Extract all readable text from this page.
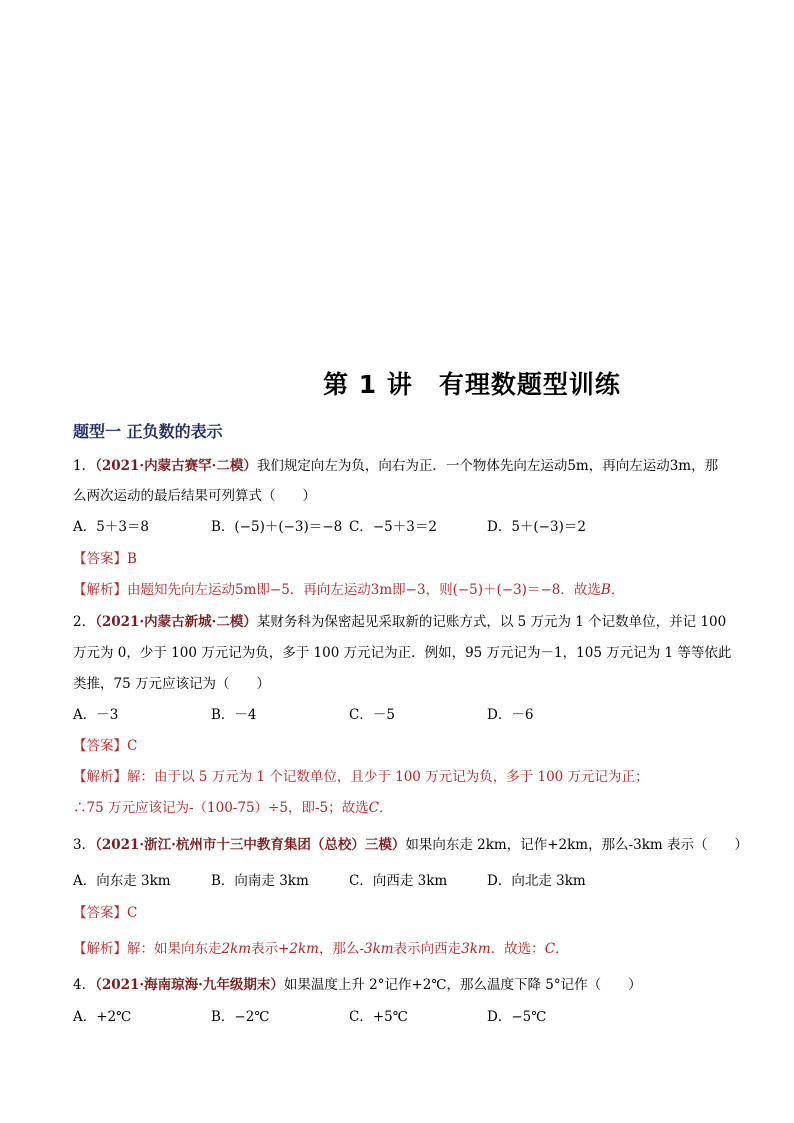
第 1 讲　有理数题型训练
题型一 正负数的表示
1．（2021·内蒙古赛罕·二模）我们规定向左为负，向右为正．一个物体先向左运动5m，再向左运动3m，那
么两次运动的最后结果可列算式（　　）
A．5＋3＝8	B．(−5)＋(−3)＝−8 C．−5＋3＝2	D．5＋(−3)＝2
【答案】B
【解析】由题知先向左运动5m即−5．再向左运动3m即−3，则(−5)＋(−3)＝−8．故选B．
2．（2021·内蒙古新城·二模）某财务科为保密起见采取新的记账方式，以 5 万元为 1 个记数单位，并记 100
万元为 0，少于 100 万元记为负，多于 100 万元记为正．例如，95 万元记为－1，105 万元记为 1 等等依此
类推，75 万元应该记为（　　）
A．－3	B．－4	C．－5	D．－6
【答案】C
【解析】解：由于以 5 万元为 1 个记数单位，且少于 100 万元记为负，多于 100 万元记为正；
∴75 万元应该记为-（100-75）÷5，即-5；故选C．
3．（2021·浙江·杭州市十三中教育集团（总校）三模）如果向东走 2km，记作+2km，那么-3km 表示（　　）
A．向东走 3km	B．向南走 3km	C．向西走 3km	D．向北走 3km
【答案】C
【解析】解：如果向东走2km表示+2km，那么-3km表示向西走3km．故选：C．
4．（2021·海南琼海·九年级期末）如果温度上升 2°记作+2℃，那么温度下降 5°记作（　　）
A．+2℃	B．−2℃	C．+5℃	D．−5℃
